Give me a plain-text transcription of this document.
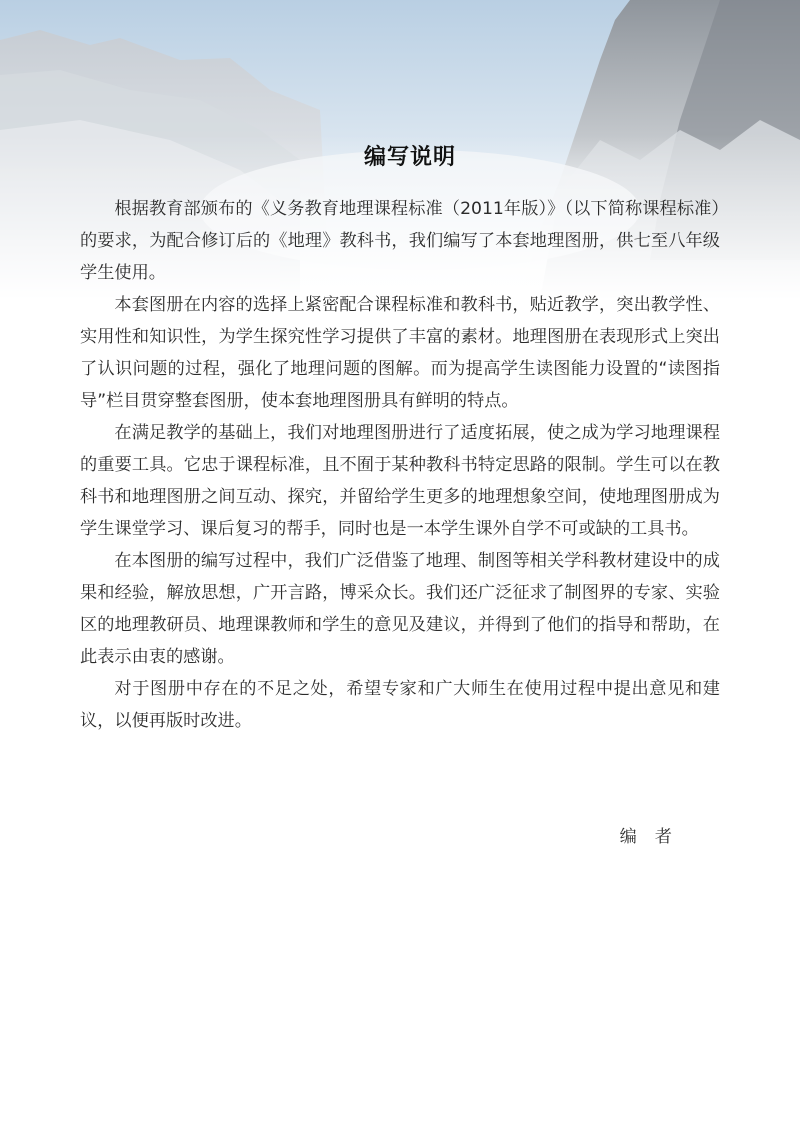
编写说明

根据教育部颁布的《义务教育地理课程标准（2011年版）》（以下简称课程标准）的要求，为配合修订后的《地理》教科书，我们编写了本套地理图册，供七至八年级学生使用。

本套图册在内容的选择上紧密配合课程标准和教科书，贴近教学，突出教学性、实用性和知识性，为学生探究性学习提供了丰富的素材。地理图册在表现形式上突出了认识问题的过程，强化了地理问题的图解。而为提高学生读图能力设置的“读图指导”栏目贯穿整套图册，使本套地理图册具有鲜明的特点。

在满足教学的基础上，我们对地理图册进行了适度拓展，使之成为学习地理课程的重要工具。它忠于课程标准，且不囿于某种教科书特定思路的限制。学生可以在教科书和地理图册之间互动、探究，并留给学生更多的地理想象空间，使地理图册成为学生课堂学习、课后复习的帮手，同时也是一本学生课外自学不可或缺的工具书。

在本图册的编写过程中，我们广泛借鉴了地理、制图等相关学科教材建设中的成果和经验，解放思想，广开言路，博采众长。我们还广泛征求了制图界的专家、实验区的地理教研员、地理课教师和学生的意见及建议，并得到了他们的指导和帮助，在此表示由衷的感谢。

对于图册中存在的不足之处，希望专家和广大师生在使用过程中提出意见和建议，以便再版时改进。

编者
